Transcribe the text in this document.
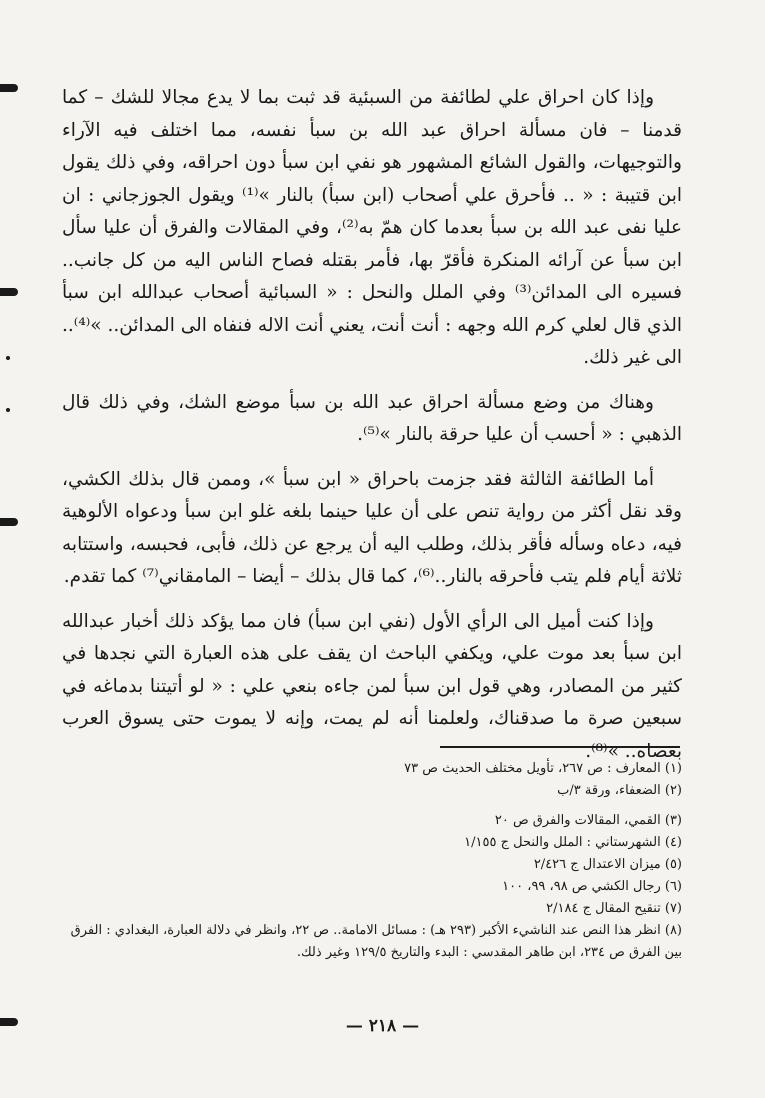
وإذا كان احراق علي لطائفة من السبئية قد ثبت بما لا يدع مجالا للشك – كما قدمنا – فان مسألة احراق عبد الله بن سبأ نفسه، مما اختلف فيه الآراء والتوجيهات، والقول الشائع المشهور هو نفي ابن سبأ دون احراقه، وفي ذلك يقول ابن قتيبة : « .. فأحرق علي أصحاب (ابن سبأ) بالنار »⁽¹⁾ ويقول الجوزجاني : ان عليا نفى عبد الله بن سبأ بعدما كان همّ به⁽²⁾، وفي المقالات والفرق أن عليا سأل ابن سبأ عن آرائه المنكرة فأقرّ بها، فأمر بقتله فصاح الناس اليه من كل جانب.. فسيره الى المدائن⁽³⁾ وفي الملل والنحل : « السبائية أصحاب عبدالله ابن سبأ الذي قال لعلي كرم الله وجهه : أنت أنت، يعني أنت الاله فنفاه الى المدائن.. »⁽⁴⁾.. الى غير ذلك.

وهناك من وضع مسألة احراق عبد الله بن سبأ موضع الشك، وفي ذلك قال الذهبي : « أحسب أن عليا حرقة بالنار »⁽⁵⁾.

أما الطائفة الثالثة فقد جزمت باحراق « ابن سبأ »، وممن قال بذلك الكشي، وقد نقل أكثر من رواية تنص على أن عليا حينما بلغه غلو ابن سبأ ودعواه الألوهية فيه، دعاه وسأله فأقر بذلك، وطلب اليه أن يرجع عن ذلك، فأبى، فحبسه، واستتابه ثلاثة أيام فلم يتب فأحرقه بالنار..⁽⁶⁾، كما قال بذلك – أيضا – المامقاني⁽⁷⁾ كما تقدم.

وإذا كنت أميل الى الرأي الأول (نفي ابن سبأ) فان مما يؤكد ذلك أخبار عبدالله ابن سبأ بعد موت علي، ويكفي الباحث ان يقف على هذه العبارة التي نجدها في كثير من المصادر، وهي قول ابن سبأ لمن جاءه بنعي علي : « لو أتيتنا بدماغه في سبعين صرة ما صدقناك، ولعلمنا أنه لم يمت، وإنه لا يموت حتى يسوق العرب بعصاه.. »⁽⁸⁾.

(١) المعارف : ص ٢٦٧، تأويل مختلف الحديث ص ٧٣

(٢) الضعفاء، ورقة ٣/ب

(٣) القمي، المقالات والفرق ص ٢٠

(٤) الشهرستاني : الملل والنحل ج ١/١٥٥

(٥) ميزان الاعتدال ج ٢/٤٢٦

(٦) رجال الكشي ص ٩٨، ٩٩، ١٠٠

(٧) تنقيح المقال ج ٢/١٨٤

(٨) انظر هذا النص عند الناشيء الأكبر (٢٩٣ هـ) : مسائل الامامة.. ص ٢٢، وانظر في دلالة العبارة، البغدادي : الفرق

بين الفرق ص ٢٣٤، ابن طاهر المقدسي : البدء والتاريخ ١٢٩/٥ وغير ذلك.

— ٢١٨ —
